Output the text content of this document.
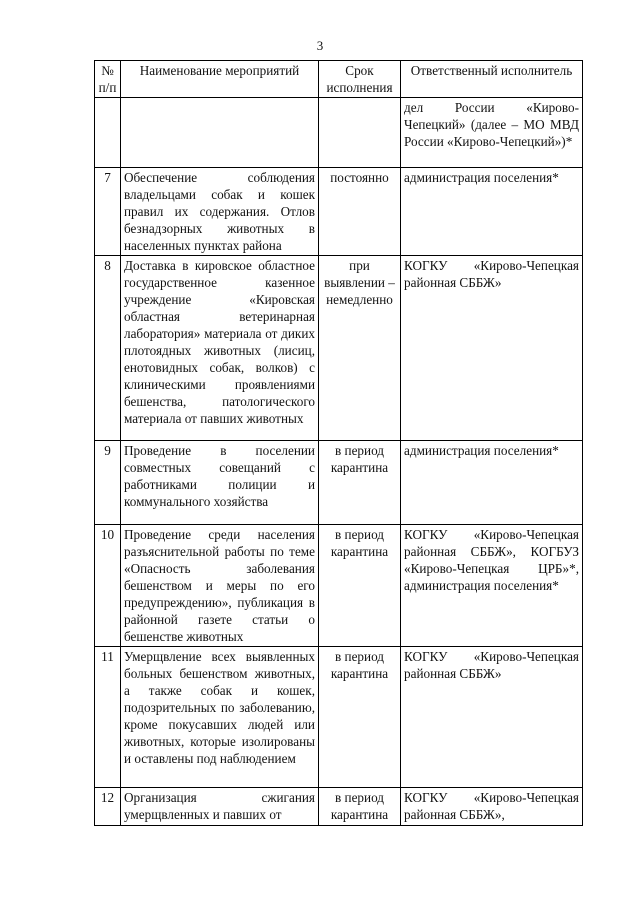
3
№ п/п	Наименование мероприятий	Срок исполнения	Ответственный исполнитель
			дел России «Кирово-Чепецкий» (далее – МО МВД России «Кирово-Чепецкий»)*
7	Обеспечение соблюдения владельцами собак и кошек правил их содержания. Отлов безнадзорных животных в населенных пунктах района	постоянно	администрация поселения*
8	Доставка в кировское областное государственное казенное учреждение «Кировская областная ветеринарная лаборатория» материала от диких плотоядных животных (лисиц, енотовидных собак, волков) с клиническими проявлениями бешенства, патологического материала от павших животных	при выявлении – немедленно	КОГКУ «Кирово-Чепецкая районная СББЖ»
9	Проведение в поселении совместных совещаний с работниками полиции и коммунального хозяйства	в период карантина	администрация поселения*
10	Проведение среди населения разъяснительной работы по теме «Опасность заболевания бешенством и меры по его предупреждению», публикация в районной газете статьи о бешенстве животных	в период карантина	КОГКУ «Кирово-Чепецкая районная СББЖ», КОГБУЗ «Кирово-Чепецкая ЦРБ»*, администрация поселения*
11	Умерщвление всех выявленных больных бешенством животных, а также собак и кошек, подозрительных по заболеванию, кроме покусавших людей или животных, которые изолированы и оставлены под наблюдением	в период карантина	КОГКУ «Кирово-Чепецкая районная СББЖ»
12	Организация сжигания умерщвленных и павших от	в период карантина	КОГКУ «Кирово-Чепецкая районная СББЖ»,
